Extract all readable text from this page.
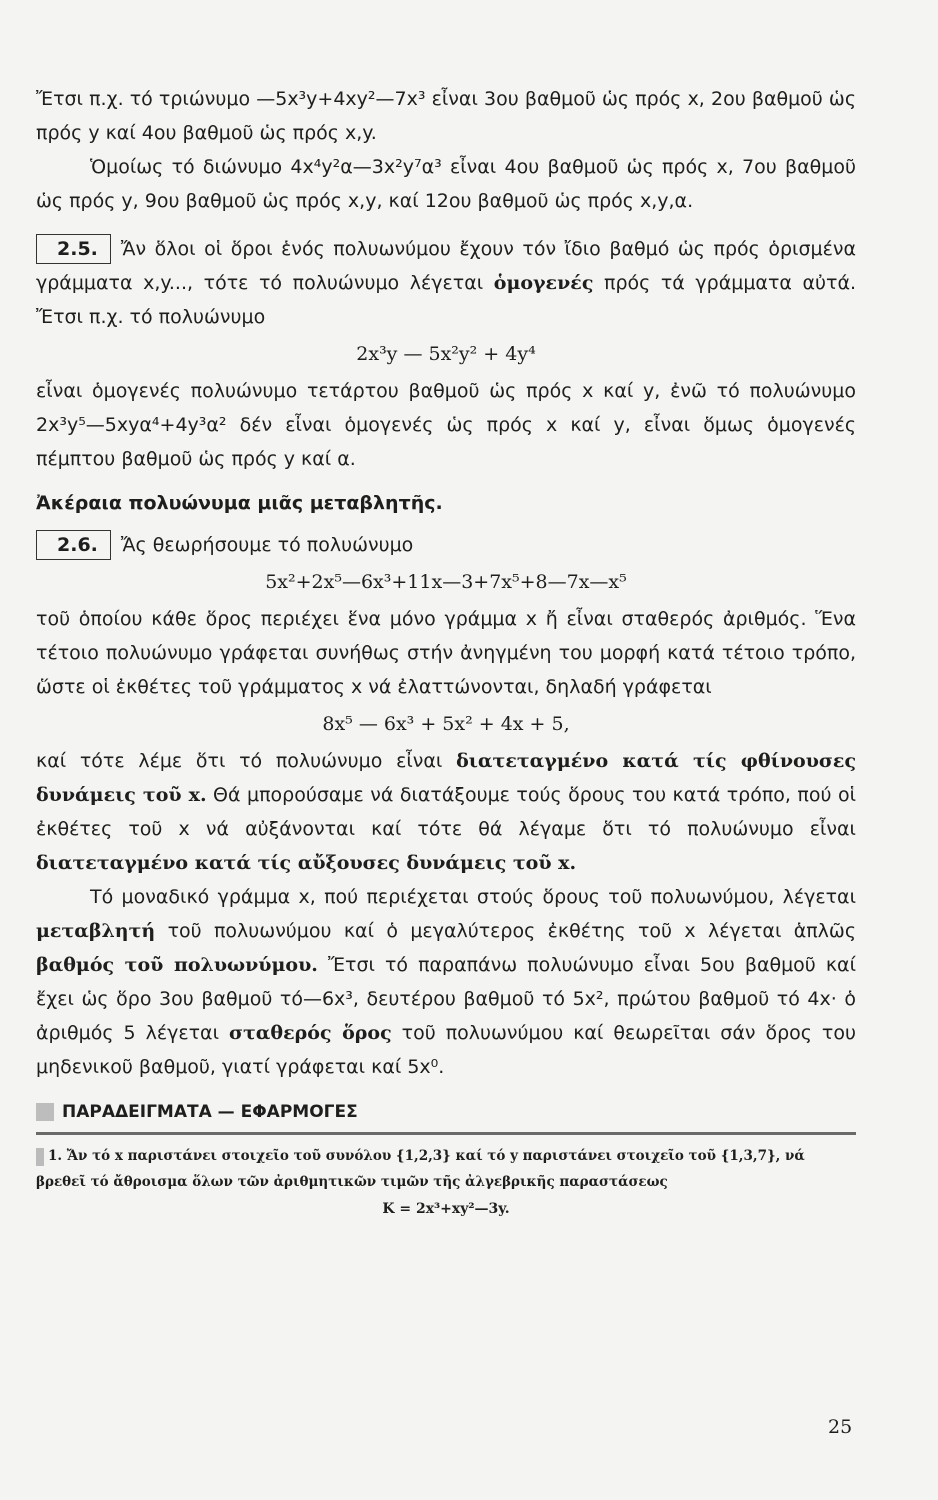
Ἔτσι π.χ. τό τριώνυμο —5x³y+4xy²—7x³ εἶναι 3ου βαθμοῦ ὡς πρός x, 2ου βαθμοῦ ὡς πρός y καί 4ου βαθμοῦ ὡς πρός x,y.

Ὁμοίως τό διώνυμο 4x⁴y²α—3x²y⁷α³ εἶναι 4ου βαθμοῦ ὡς πρός x, 7ου βαθμοῦ ὡς πρός y, 9ου βαθμοῦ ὡς πρός x,y, καί 12ου βαθμοῦ ὡς πρός x,y,α.

2.5. Ἄν ὅλοι οἱ ὅροι ἑνός πολυωνύμου ἔχουν τόν ἴδιο βαθμό ὡς πρός ὁρισμένα γράμματα x,y..., τότε τό πολυώνυμο λέγεται ὁμογενές πρός τά γράμματα αὐτά. Ἔτσι π.χ. τό πολυώνυμο

2x³y — 5x²y² + 4y⁴

εἶναι ὁμογενές πολυώνυμο τετάρτου βαθμοῦ ὡς πρός x καί y, ἐνῶ τό πολυώνυμο 2x³y⁵—5xyα⁴+4y³α² δέν εἶναι ὁμογενές ὡς πρός x καί y, εἶναι ὅμως ὁμογενές πέμπτου βαθμοῦ ὡς πρός y καί α.

Ἀκέραια πολυώνυμα μιᾶς μεταβλητῆς.

2.6. Ἄς θεωρήσουμε τό πολυώνυμο

5x²+2x⁵—6x³+11x—3+7x⁵+8—7x—x⁵

τοῦ ὁποίου κάθε ὅρος περιέχει ἕνα μόνο γράμμα x ἤ εἶναι σταθερός ἀριθμός. Ἕνα τέτοιο πολυώνυμο γράφεται συνήθως στήν ἀνηγμένη του μορφή κατά τέτοιο τρόπο, ὥστε οἱ ἐκθέτες τοῦ γράμματος x νά ἐλαττώνονται, δηλαδή γράφεται

8x⁵ — 6x³ + 5x² + 4x + 5,

καί τότε λέμε ὅτι τό πολυώνυμο εἶναι διατεταγμένο κατά τίς φθίνουσες δυνάμεις τοῦ x. Θά μπορούσαμε νά διατάξουμε τούς ὅρους του κατά τρόπο, πού οἱ ἐκθέτες τοῦ x νά αὐξάνονται καί τότε θά λέγαμε ὅτι τό πολυώνυμο εἶναι διατεταγμένο κατά τίς αὔξουσες δυνάμεις τοῦ x.

Τό μοναδικό γράμμα x, πού περιέχεται στούς ὅρους τοῦ πολυωνύμου, λέγεται μεταβλητή τοῦ πολυωνύμου καί ὁ μεγαλύτερος ἐκθέτης τοῦ x λέγεται ἁπλῶς βαθμός τοῦ πολυωνύμου. Ἔτσι τό παραπάνω πολυώνυμο εἶναι 5ου βαθμοῦ καί ἔχει ὡς ὅρο 3ου βαθμοῦ τό—6x³, δευτέρου βαθμοῦ τό 5x², πρώτου βαθμοῦ τό 4x· ὁ ἀριθμός 5 λέγεται σταθερός ὅρος τοῦ πολυωνύμου καί θεωρεῖται σάν ὅρος του μηδενικοῦ βαθμοῦ, γιατί γράφεται καί 5x⁰.

ΠΑΡΑΔΕΙΓΜΑΤΑ — ΕΦΑΡΜΟΓΕΣ
1. Ἄν τό x παριστάνει στοιχεῖο τοῦ συνόλου {1,2,3} καί τό y παριστάνει στοιχεῖο τοῦ {1,3,7}, νά βρεθεῖ τό ἄθροισμα ὅλων τῶν ἀριθμητικῶν τιμῶν τῆς ἀλγεβρικῆς παραστάσεως
K = 2x³+xy²—3y.
25
